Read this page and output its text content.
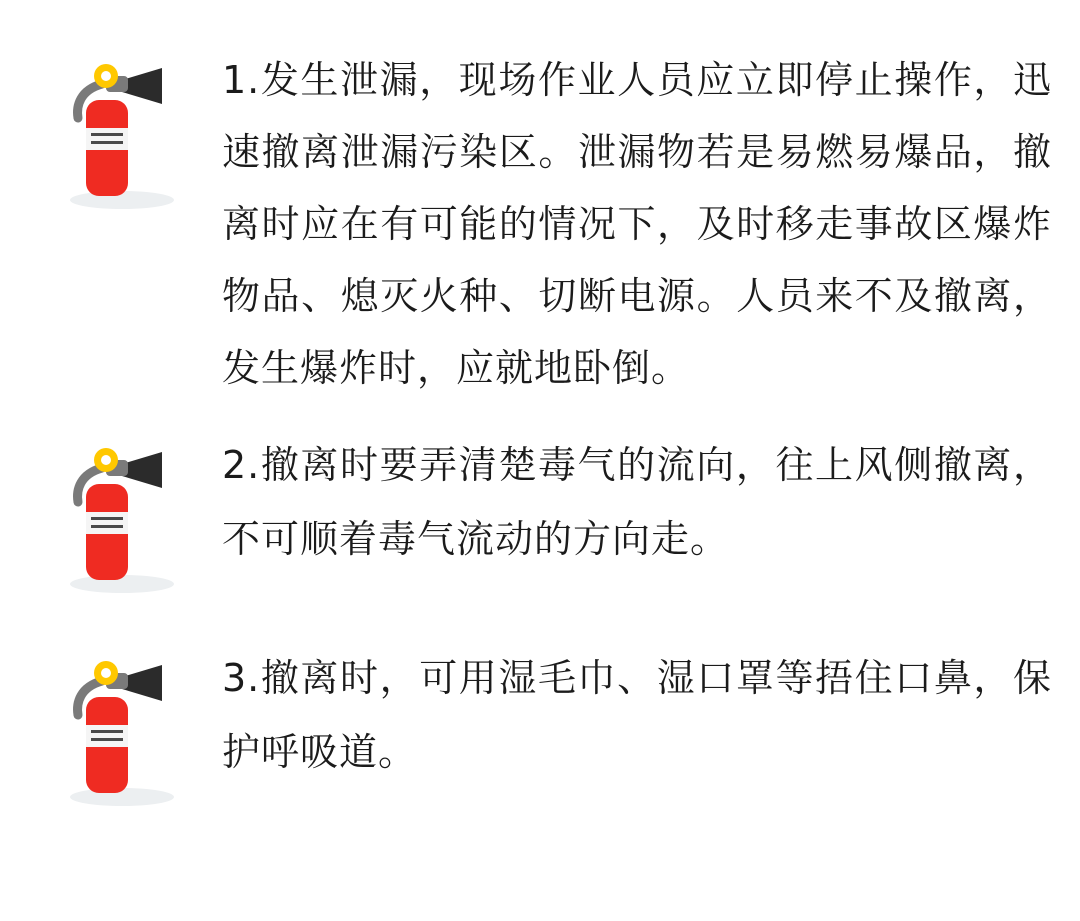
1.发生泄漏，现场作业人员应立即停止操作，迅速撤离泄漏污染区。泄漏物若是易燃易爆品，撤离时应在有可能的情况下，及时移走事故区爆炸物品、熄灭火种、切断电源。人员来不及撤离，发生爆炸时，应就地卧倒。

2.撤离时要弄清楚毒气的流向，往上风侧撤离，不可顺着毒气流动的方向走。

3.撤离时，可用湿毛巾、湿口罩等捂住口鼻，保护呼吸道。
